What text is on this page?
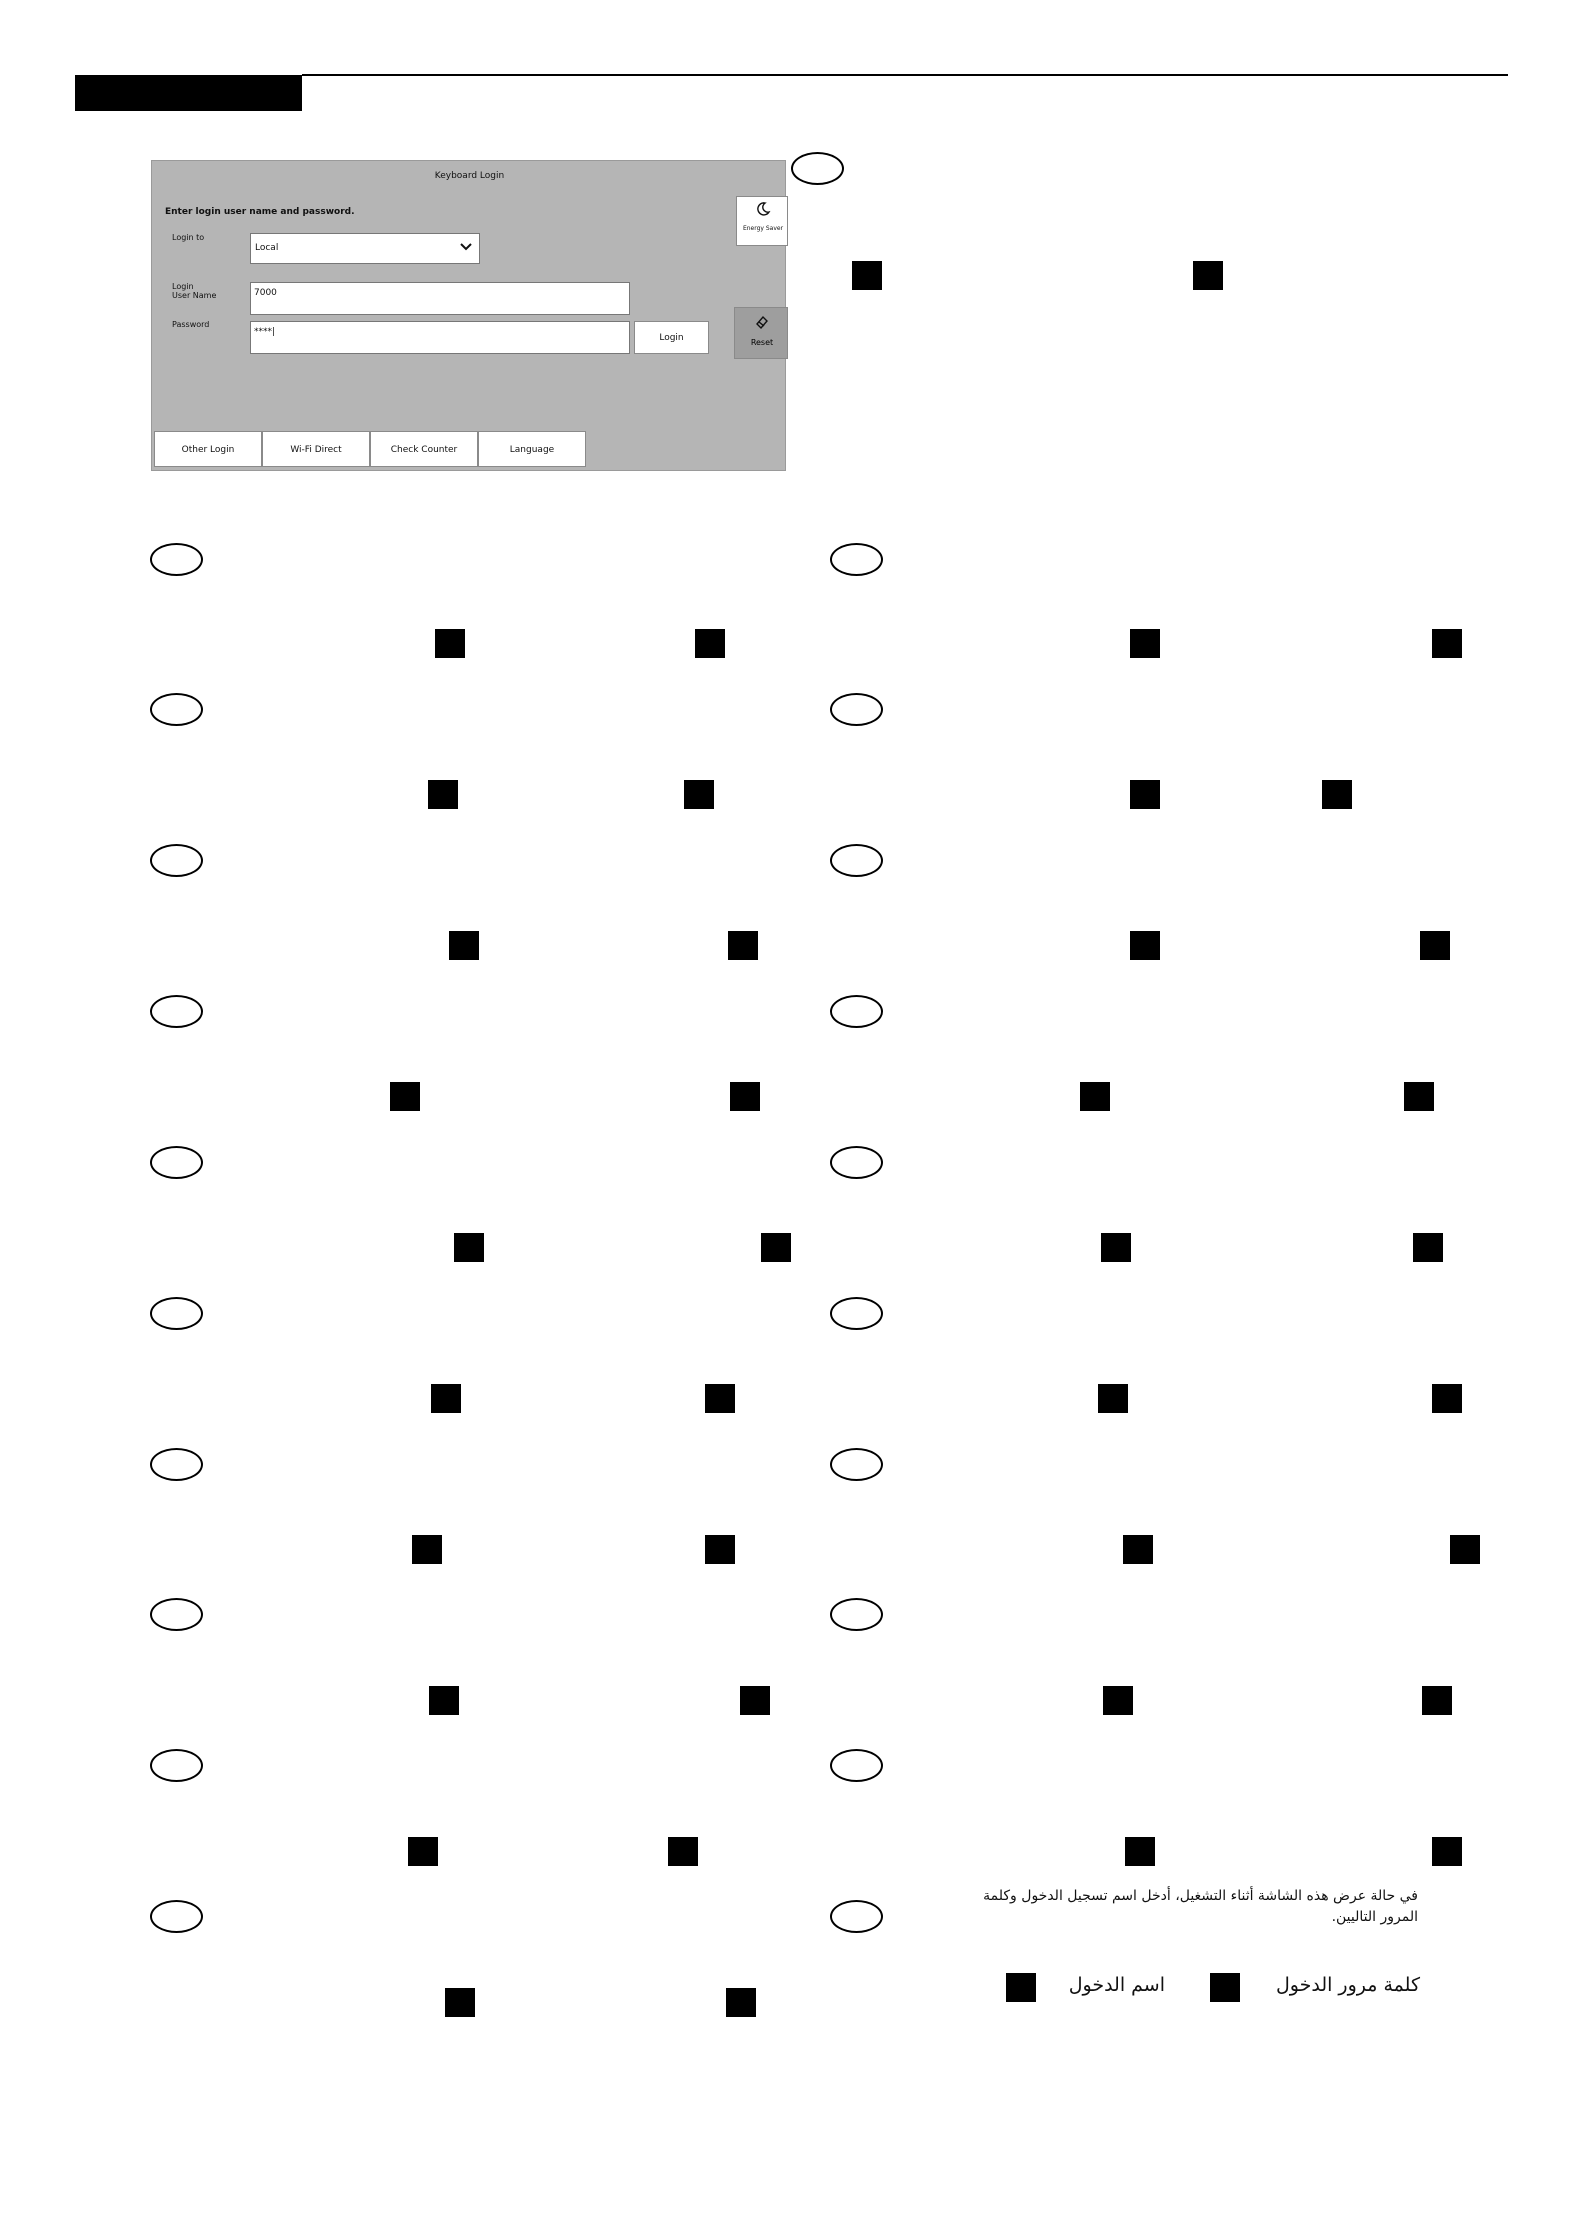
Keyboard Login
Enter login user name and password.
Login to
Local
Login
User Name	7000
Password
****|
Login
Energy Saver
Reset
Other Login	Wi-Fi Direct	Check Counter	Language
في حالة عرض هذه الشاشة أثناء التشغيل، أدخل اسم تسجيل الدخول وكلمة المرور التاليين.
اسم الدخول	كلمة مرور الدخول
